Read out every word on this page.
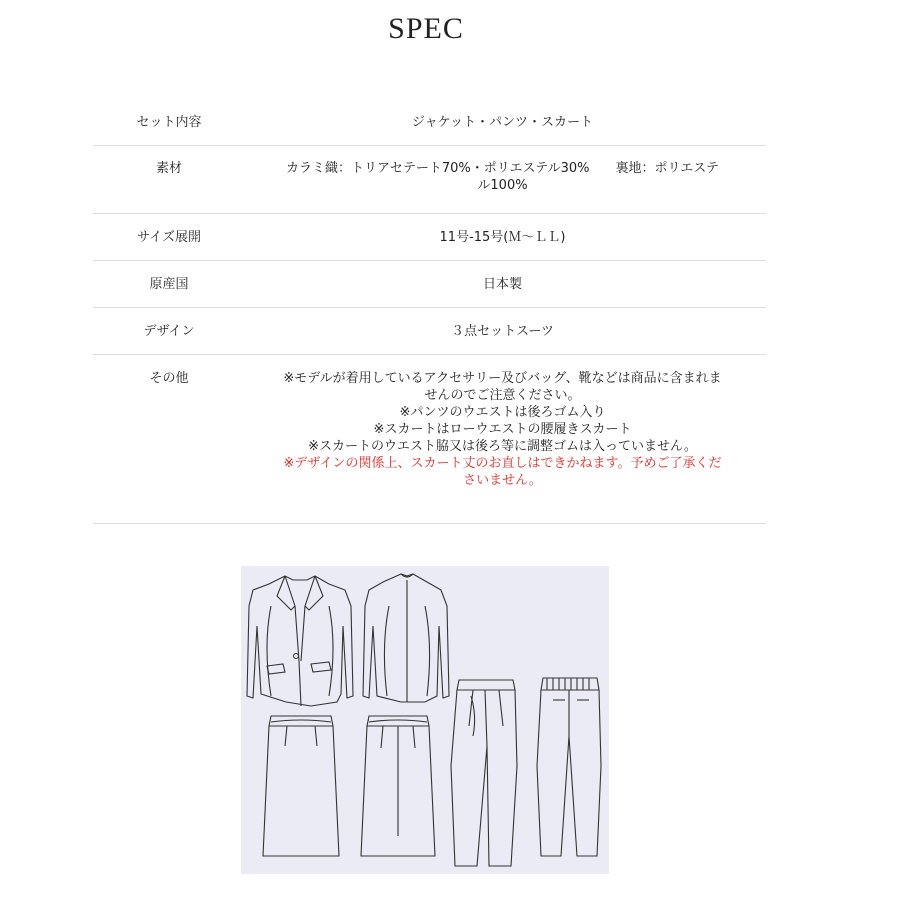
SPEC
セット内容	ジャケット・パンツ・スカート
素材	カラミ織：トリアセテート70%・ポリエステル30%　　裏地：ポリエステ
ル100%
サイズ展開	11号-15号(Ｍ～ＬＬ)
原産国	日本製
デザイン	３点セットスーツ
その他	※モデルが着用しているアクセサリー及びバッグ、靴などは商品に含まれま
せんのでご注意ください。
※パンツのウエストは後ろゴム入り
※スカートはローウエストの腰履きスカート
※スカートのウエスト脇又は後ろ等に調整ゴムは入っていません。
※デザインの関係上、スカート丈のお直しはできかねます。予めご了承くだ
さいません。
